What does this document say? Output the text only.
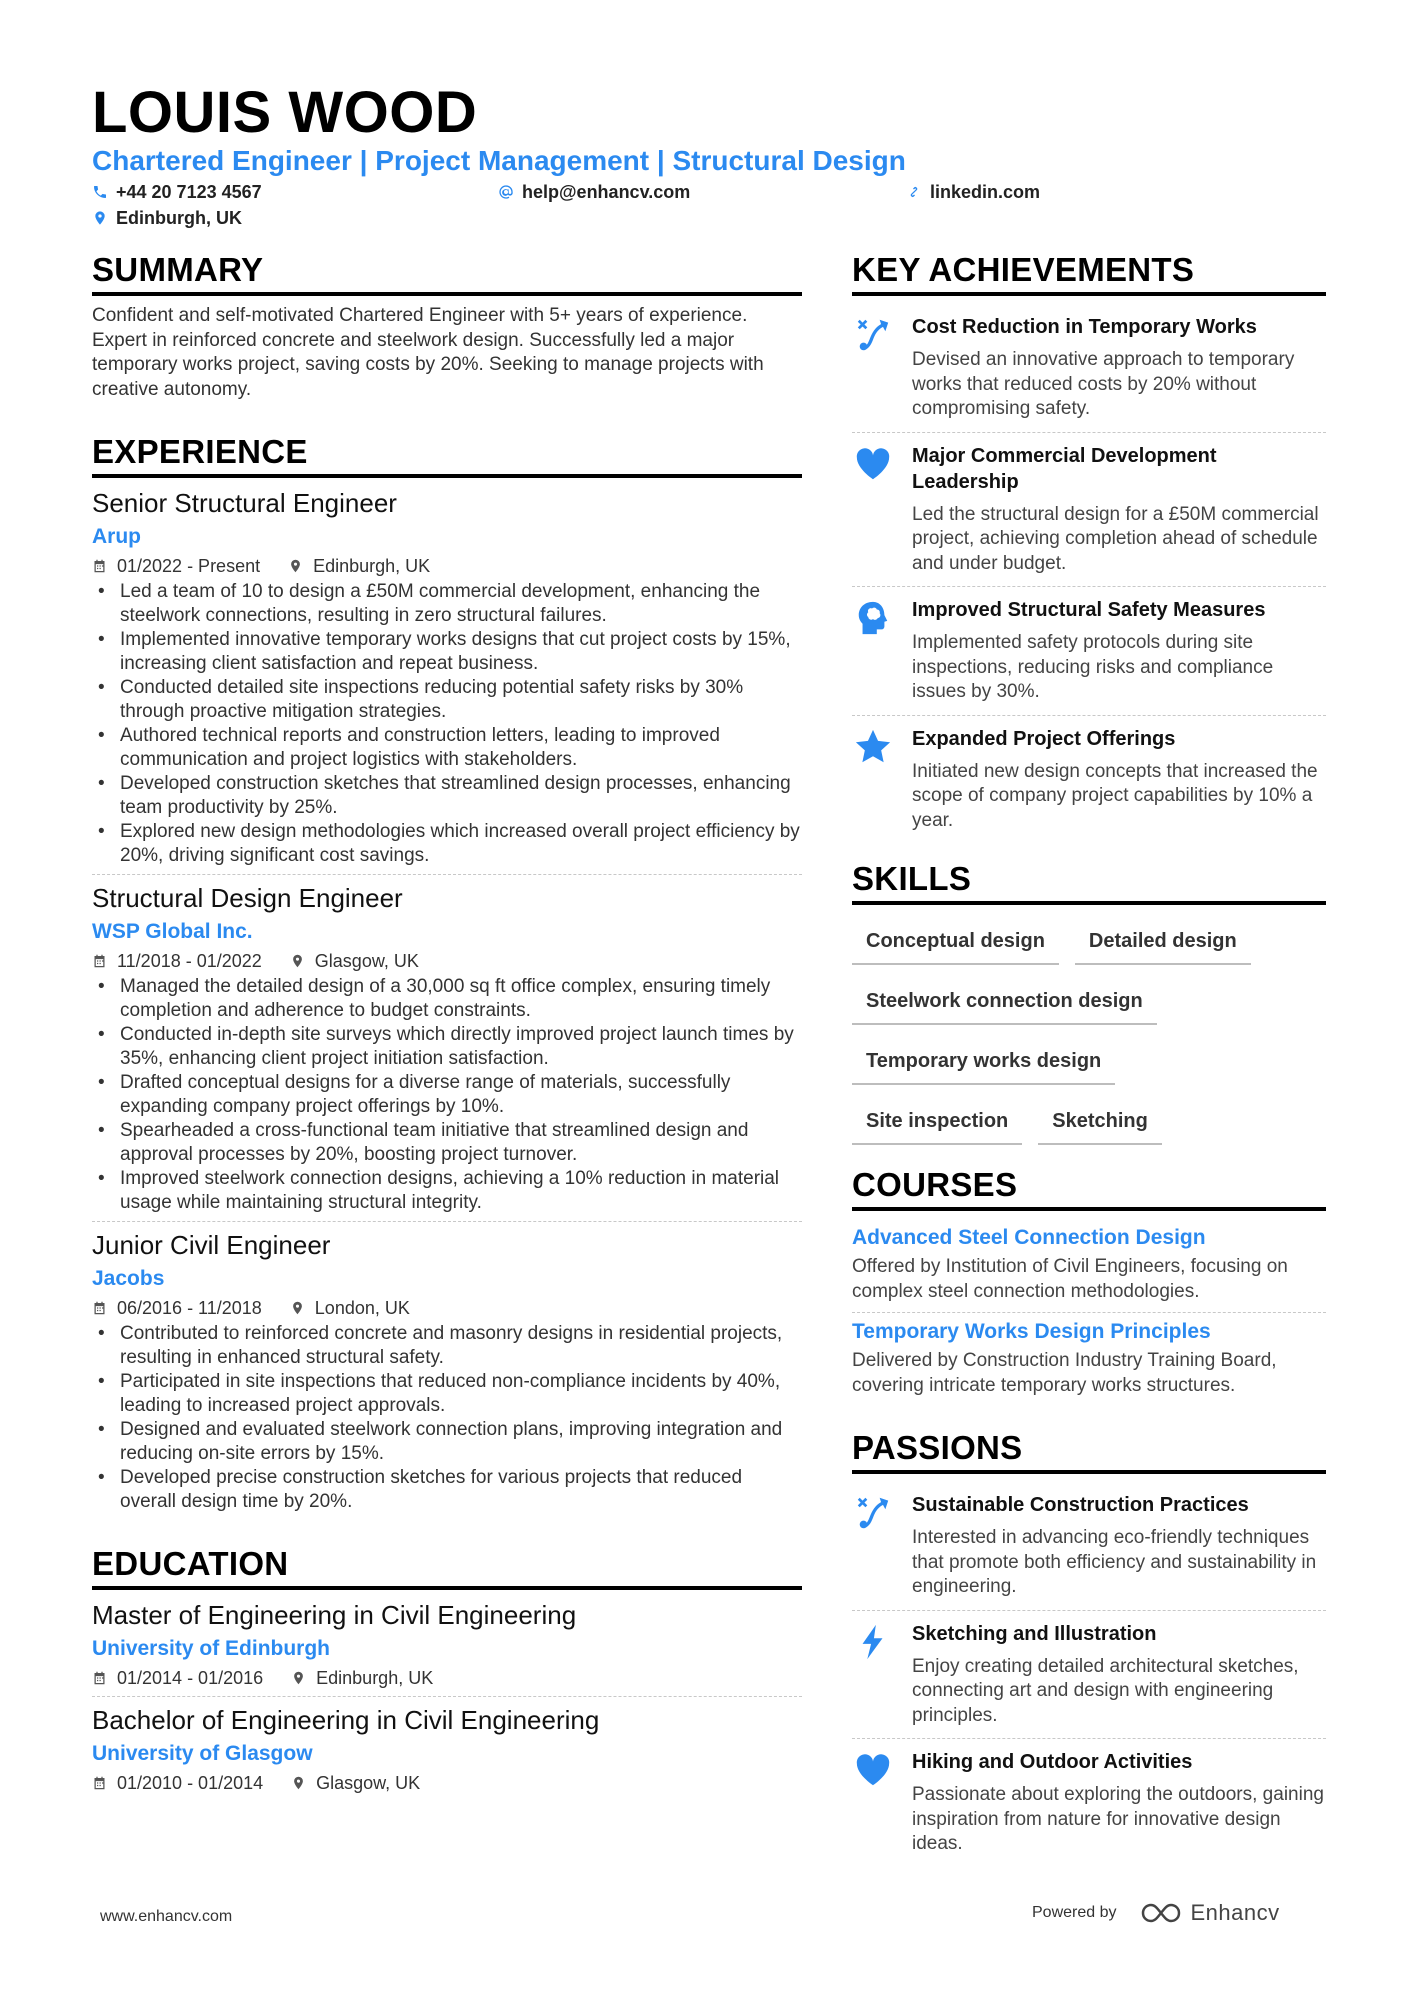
LOUIS WOOD
Chartered Engineer | Project Management | Structural Design
+44 20 7123 4567	help@enhancv.com	linkedin.com
Edinburgh, UK
SUMMARY
Confident and self-motivated Chartered Engineer with 5+ years of experience. Expert in reinforced concrete and steelwork design. Successfully led a major temporary works project, saving costs by 20%. Seeking to manage projects with creative autonomy.
EXPERIENCE
Senior Structural Engineer
Arup
01/2022 - Present	Edinburgh, UK
• Led a team of 10 to design a £50M commercial development, enhancing the steelwork connections, resulting in zero structural failures.
• Implemented innovative temporary works designs that cut project costs by 15%, increasing client satisfaction and repeat business.
• Conducted detailed site inspections reducing potential safety risks by 30% through proactive mitigation strategies.
• Authored technical reports and construction letters, leading to improved communication and project logistics with stakeholders.
• Developed construction sketches that streamlined design processes, enhancing team productivity by 25%.
• Explored new design methodologies which increased overall project efficiency by 20%, driving significant cost savings.
Structural Design Engineer
WSP Global Inc.
11/2018 - 01/2022	Glasgow, UK
• Managed the detailed design of a 30,000 sq ft office complex, ensuring timely completion and adherence to budget constraints.
• Conducted in-depth site surveys which directly improved project launch times by 35%, enhancing client project initiation satisfaction.
• Drafted conceptual designs for a diverse range of materials, successfully expanding company project offerings by 10%.
• Spearheaded a cross-functional team initiative that streamlined design and approval processes by 20%, boosting project turnover.
• Improved steelwork connection designs, achieving a 10% reduction in material usage while maintaining structural integrity.
Junior Civil Engineer
Jacobs
06/2016 - 11/2018	London, UK
• Contributed to reinforced concrete and masonry designs in residential projects, resulting in enhanced structural safety.
• Participated in site inspections that reduced non-compliance incidents by 40%, leading to increased project approvals.
• Designed and evaluated steelwork connection plans, improving integration and reducing on-site errors by 15%.
• Developed precise construction sketches for various projects that reduced overall design time by 20%.
EDUCATION
Master of Engineering in Civil Engineering
University of Edinburgh
01/2014 - 01/2016	Edinburgh, UK
Bachelor of Engineering in Civil Engineering
University of Glasgow
01/2010 - 01/2014	Glasgow, UK
KEY ACHIEVEMENTS
Cost Reduction in Temporary Works
Devised an innovative approach to temporary works that reduced costs by 20% without compromising safety.
Major Commercial Development Leadership
Led the structural design for a £50M commercial project, achieving completion ahead of schedule and under budget.
Improved Structural Safety Measures
Implemented safety protocols during site inspections, reducing risks and compliance issues by 30%.
Expanded Project Offerings
Initiated new design concepts that increased the scope of company project capabilities by 10% a year.
SKILLS
Conceptual design	Detailed design
Steelwork connection design
Temporary works design
Site inspection	Sketching
COURSES
Advanced Steel Connection Design
Offered by Institution of Civil Engineers, focusing on complex steel connection methodologies.
Temporary Works Design Principles
Delivered by Construction Industry Training Board, covering intricate temporary works structures.
PASSIONS
Sustainable Construction Practices
Interested in advancing eco-friendly techniques that promote both efficiency and sustainability in engineering.
Sketching and Illustration
Enjoy creating detailed architectural sketches, connecting art and design with engineering principles.
Hiking and Outdoor Activities
Passionate about exploring the outdoors, gaining inspiration from nature for innovative design ideas.
www.enhancv.com	Powered by	Enhancv
